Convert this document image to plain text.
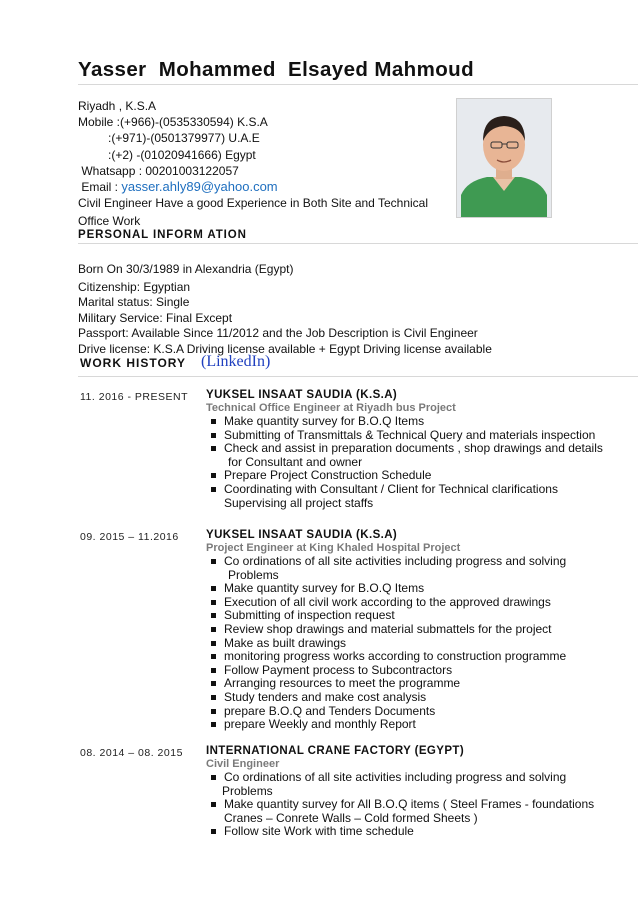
Yasser  Mohammed  Elsayed Mahmoud
Riyadh , K.S.A
Mobile :(+966)-(0535330594) K.S.A
:(+971)-(0501379977) U.A.E
:(+2) -(01020941666) Egypt
Whatsapp : 00201003122057
Email : yasser.ahly89@yahoo.com
Civil Engineer Have a good Experience in Both Site and Technical
Office Work
PERSONAL INFORM ATION
Born On 30/3/1989 in Alexandria (Egypt)
Citizenship: Egyptian
Marital status: Single
Military Service: Final Except
Passport: Available Since 11/2012 and the Job Description is Civil Engineer
Drive license: K.S.A Driving license available + Egypt Driving license available
WORK HISTORY (LinkedIn)
11. 2016 - PRESENT YUKSEL INSAAT SAUDIA (K.S.A)
Technical Office Engineer at Riyadh bus Project
Make quantity survey for B.O.Q Items
Submitting of Transmittals & Technical Query and materials inspection
Check and assist in preparation documents , shop drawings and details
for Consultant and owner
Prepare Project Construction Schedule
Coordinating with Consultant / Client for Technical clarifications
Supervising all project staffs
09. 2015 – 11.2016 YUKSEL INSAAT SAUDIA (K.S.A)
Project Engineer at King Khaled Hospital Project
Co ordinations of all site activities including progress and solving
Problems
Make quantity survey for B.O.Q Items
Execution of all civil work according to the approved drawings
Submitting of inspection request
Review shop drawings and material submattels for the project
Make as built drawings
monitoring progress works according to construction programme
Follow Payment process to Subcontractors
Arranging resources to meet the programme
Study tenders and make cost analysis
prepare B.O.Q and Tenders Documents
prepare Weekly and monthly Report
08. 2014 – 08. 2015 INTERNATIONAL CRANE FACTORY (EGYPT)
Civil Engineer
Co ordinations of all site activities including progress and solving
Problems
Make quantity survey for All B.O.Q items ( Steel Frames - foundations
Cranes – Conrete Walls – Cold formed Sheets )
Follow site Work with time schedule
